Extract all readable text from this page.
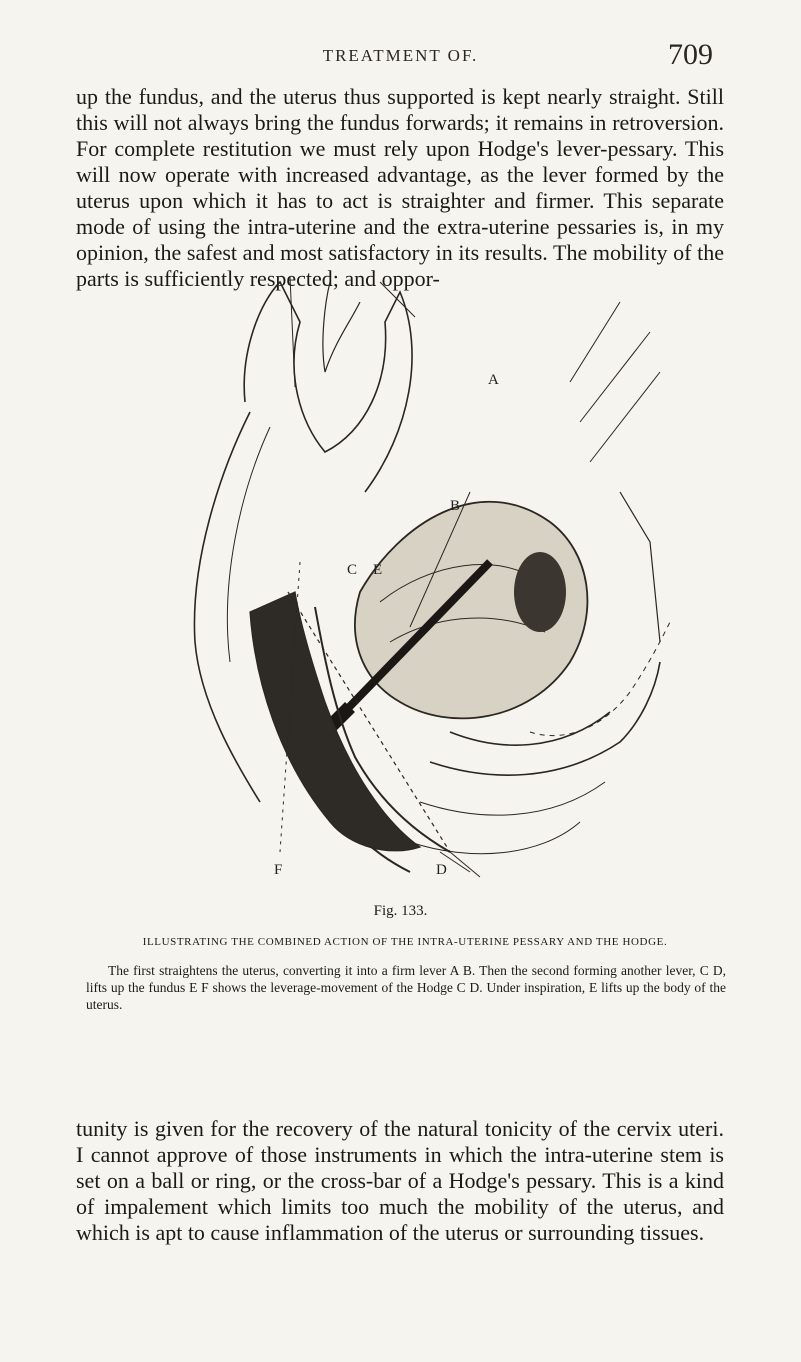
TREATMENT OF.	709

up the fundus, and the uterus thus supported is kept nearly straight. Still this will not always bring the fundus forwards; it remains in retroversion. For complete restitution we must rely upon Hodge's lever-pessary. This will now operate with increased advantage, as the lever formed by the uterus upon which it has to act is straighter and firmer. This separate mode of using the intra-uterine and the extra-uterine pessaries is, in my opinion, the safest and most satisfactory in its results. The mobility of the parts is sufficiently respected; and oppor-

B
A
C E
D
F
Fig. 133.
ILLUSTRATING THE COMBINED ACTION OF THE INTRA-UTERINE PESSARY AND THE HODGE.

The first straightens the uterus, converting it into a firm lever A B. Then the second forming another lever, C D, lifts up the fundus E F shows the leverage-movement of the Hodge C D. Under inspiration, E lifts up the body of the uterus.

tunity is given for the recovery of the natural tonicity of the cervix uteri. I cannot approve of those instruments in which the intra-uterine stem is set on a ball or ring, or the cross-bar of a Hodge's pessary. This is a kind of impalement which limits too much the mobility of the uterus, and which is apt to cause inflammation of the uterus or surrounding tissues.
